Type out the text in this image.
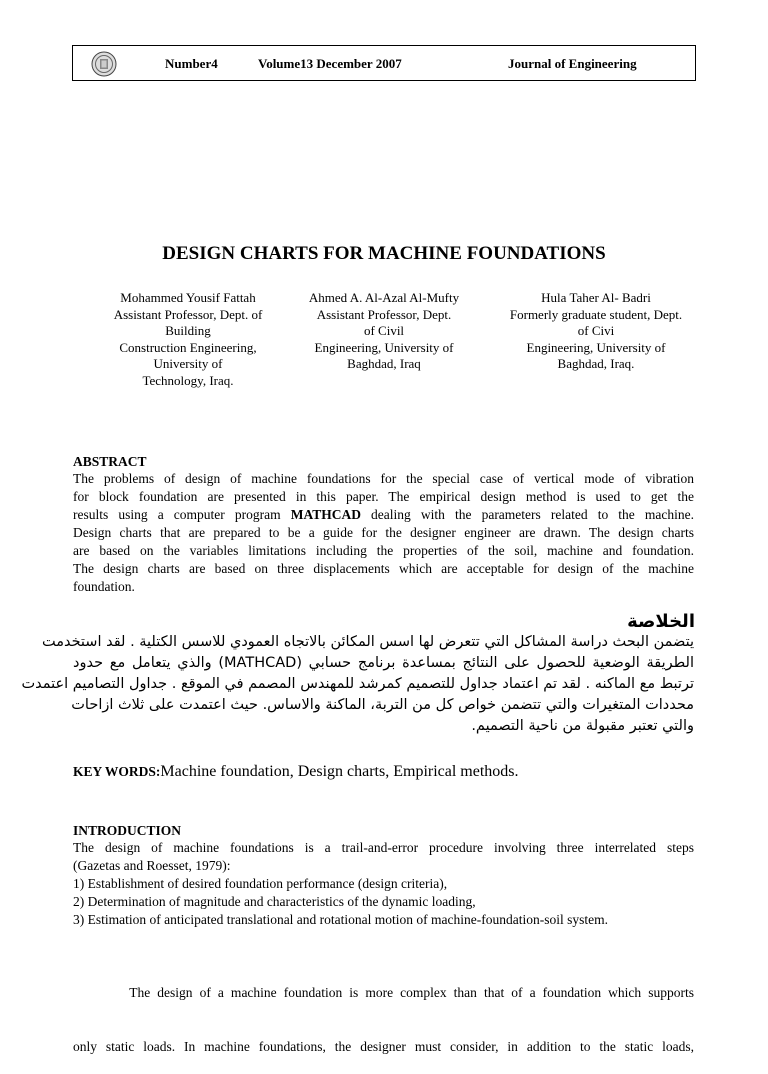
Number4	Volume13 December 2007	Journal of Engineering
DESIGN CHARTS FOR MACHINE FOUNDATIONS
Mohammed Yousif Fattah
Assistant Professor, Dept. of
Building
Construction Engineering,
University of
Technology, Iraq.
Ahmed A. Al-Azal Al-Mufty
Assistant Professor, Dept.
of Civil
Engineering, University of
Baghdad, Iraq
Hula Taher Al- Badri
Formerly graduate student, Dept.
of Civi
Engineering, University of
Baghdad, Iraq.
ABSTRACT
The problems of design of machine foundations for the special case of vertical mode of vibration
for block foundation are presented in this paper. The empirical design method is used to get the
results using a computer program MATHCAD dealing with the parameters related to the machine.
Design charts that are prepared to be a guide for the designer engineer are drawn. The design charts
are based on the variables limitations including the properties of the soil, machine and foundation.
The design charts are based on three displacements which are acceptable for design of the machine
foundation.
الخلاصة
يتضمن البحث دراسة المشاكل التي تتعرض لها اسس المكائن بالاتجاه العمودي للاسس الكتلية . لقد استخدمت
الطريقة الوضعية للحصول على النتائج بمساعدة برنامج حسابي (MATHCAD) والذي يتعامل مع حدود
ترتبط مع الماكنه . لقد تم اعتماد جداول للتصميم كمرشد للمهندس المصمم في الموقع . جداول التصاميم اعتمدت
محددات المتغيرات والتي تتضمن خواص كل من التربة، الماكنة والاساس. حيث اعتمدت على ثلاث ازاحات
والتي تعتبر مقبولة من ناحية التصميم.
KEY WORDS:Machine foundation, Design charts, Empirical methods.
INTRODUCTION
The design of machine foundations is a trail-and-error procedure involving three interrelated steps
(Gazetas and Roesset, 1979):
1) Establishment of desired foundation performance (design criteria),
2) Determination of magnitude and characteristics of the dynamic loading,
3) Estimation of anticipated translational and rotational motion of machine-foundation-soil system.

The design of a machine foundation is more complex than that of a foundation which supports

only static loads. In machine foundations, the designer must consider, in addition to the static loads,
